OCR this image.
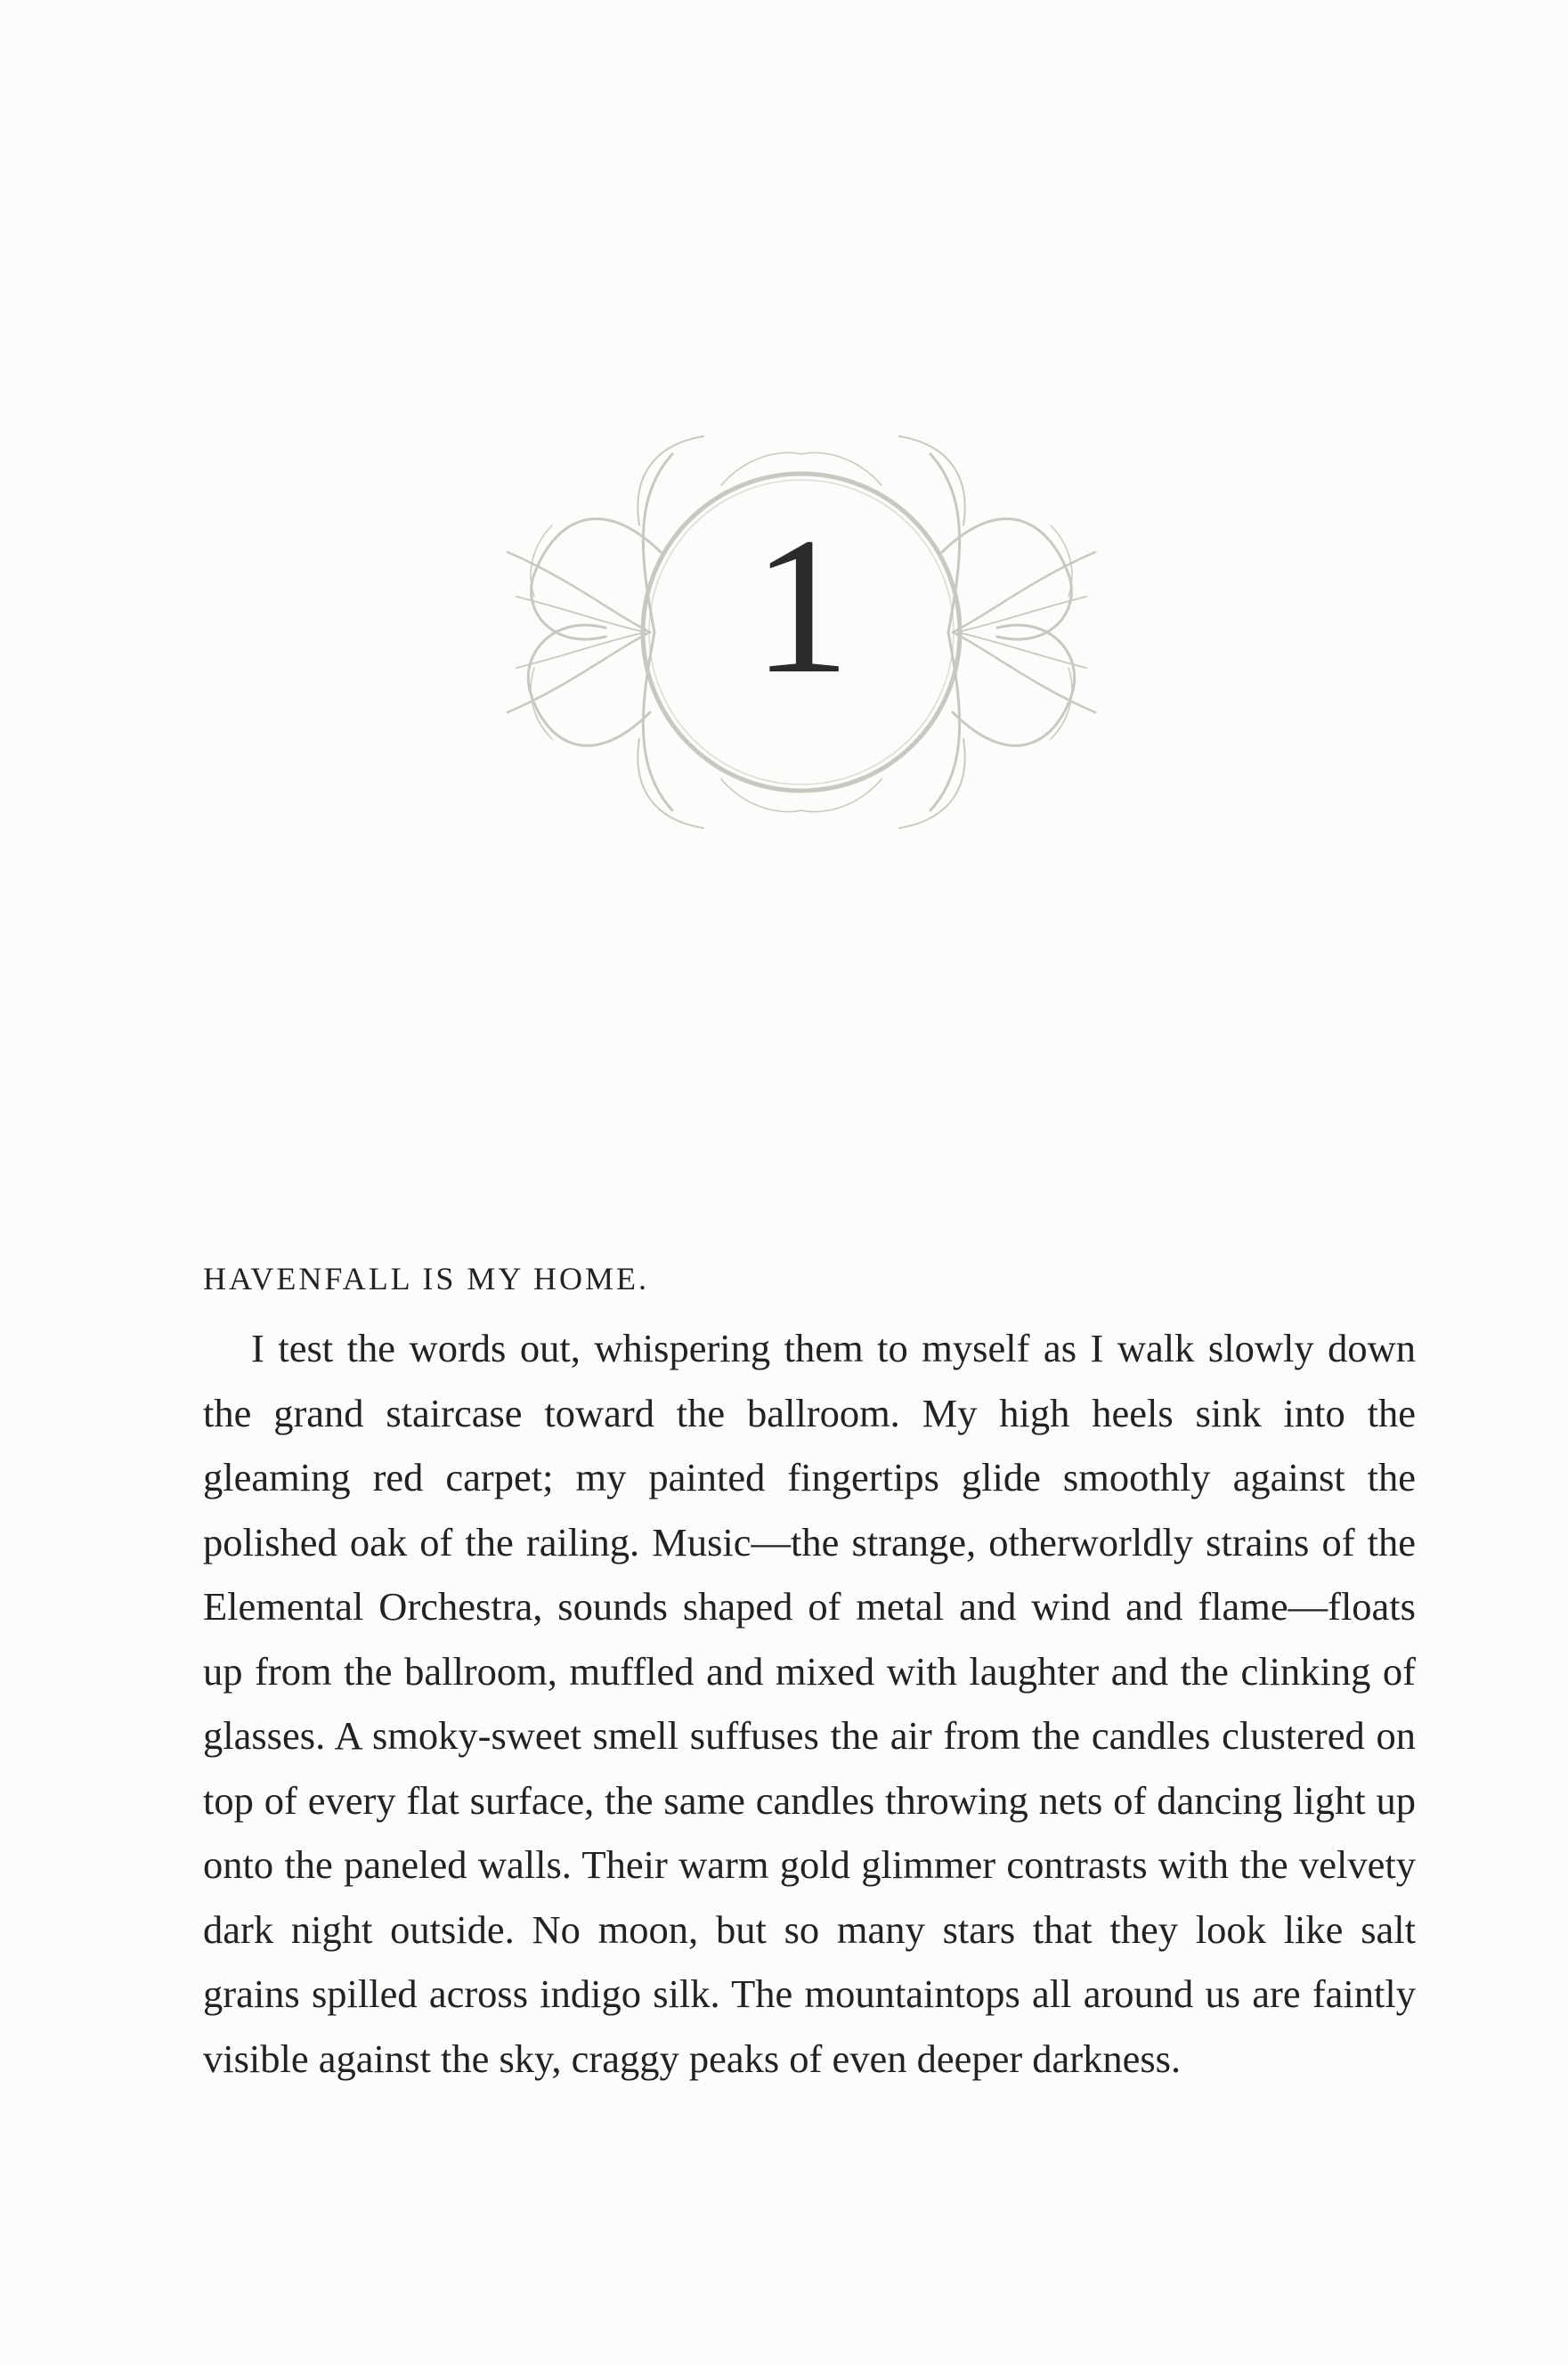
1

HAVENFALL IS MY HOME.

I test the words out, whispering them to myself as I walk slowly down the grand staircase toward the ballroom. My high heels sink into the gleaming red carpet; my painted fingertips glide smoothly against the polished oak of the railing. Music—the strange, otherworldly strains of the Elemental Orchestra, sounds shaped of metal and wind and flame—floats up from the ballroom, muffled and mixed with laughter and the clinking of glasses. A smoky-sweet smell suffuses the air from the candles clustered on top of every flat surface, the same candles throwing nets of dancing light up onto the paneled walls. Their warm gold glimmer contrasts with the velvety dark night outside. No moon, but so many stars that they look like salt grains spilled across indigo silk. The mountaintops all around us are faintly visible against the sky, craggy peaks of even deeper darkness.
